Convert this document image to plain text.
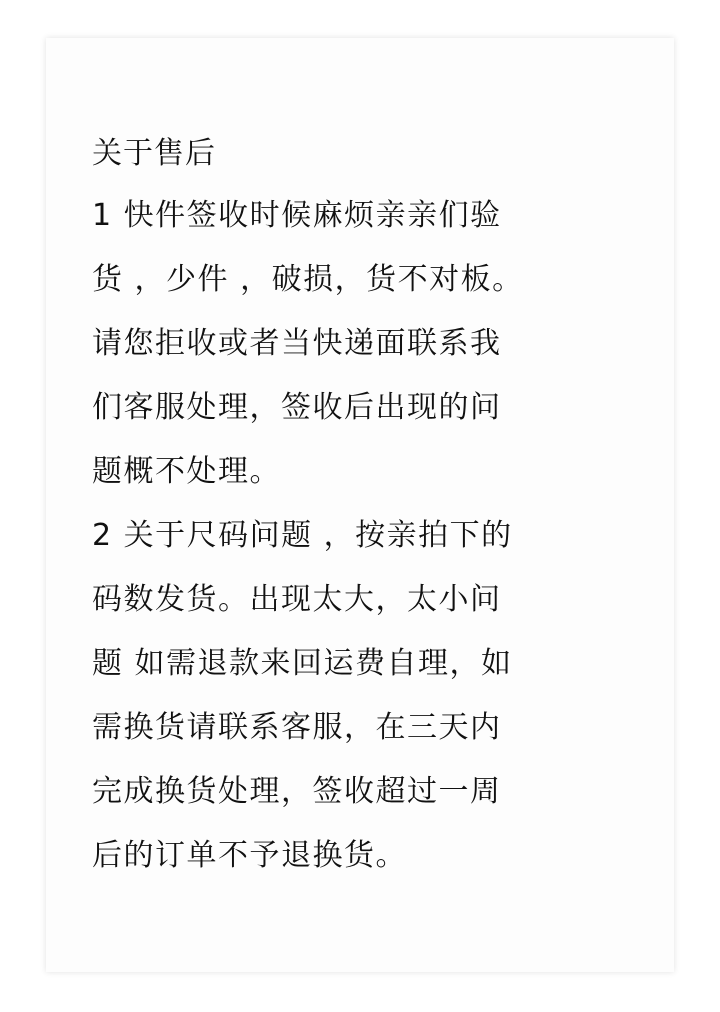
关于售后
1 快件签收时候麻烦亲亲们验
货 ，少件 ，破损，货不对板。
请您拒收或者当快递面联系我
们客服处理，签收后出现的问
题概不处理。
2 关于尺码问题 ，按亲拍下的
码数发货。出现太大，太小问
题 如需退款来回运费自理，如
需换货请联系客服，在三天内
完成换货处理，签收超过一周
后的订单不予退换货。
